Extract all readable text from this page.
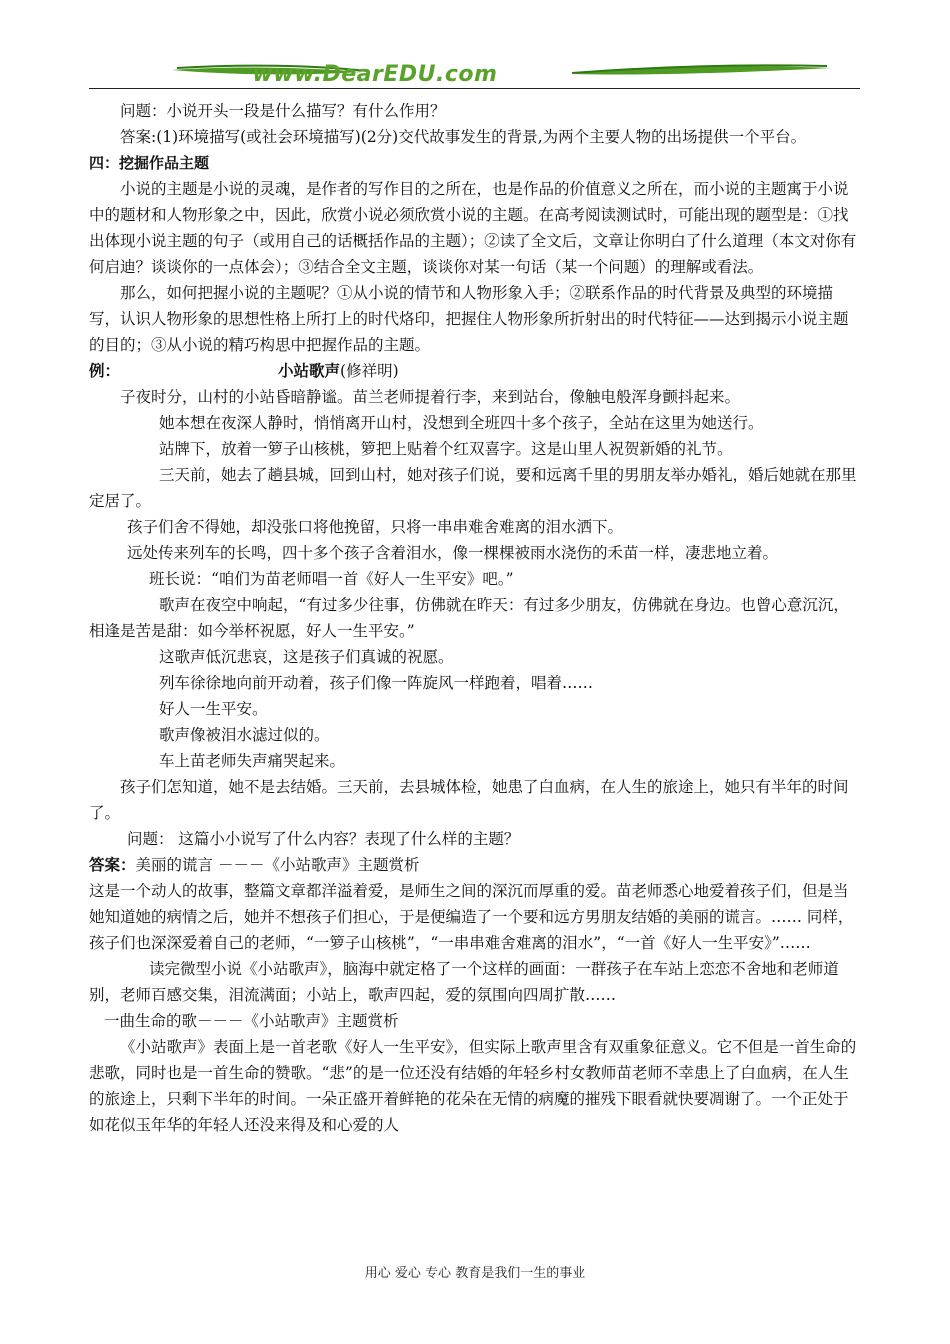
www.DearEDU.com

问题：小说开头一段是什么描写？有什么作用？

答案:(1)环境描写(或社会环境描写)(2分)交代故事发生的背景,为两个主要人物的出场提供一个平台。

四：挖掘作品主题

小说的主题是小说的灵魂，是作者的写作目的之所在，也是作品的价值意义之所在，而小说的主题寓于小说中的题材和人物形象之中，因此，欣赏小说必须欣赏小说的主题。在高考阅读测试时，可能出现的题型是：①找出体现小说主题的句子（或用自己的话概括作品的主题）；②读了全文后，文章让你明白了什么道理（本文对你有何启迪？谈谈你的一点体会）；③结合全文主题，谈谈你对某一句话（某一个问题）的理解或看法。

那么，如何把握小说的主题呢？①从小说的情节和人物形象入手；②联系作品的时代背景及典型的环境描写，认识人物形象的思想性格上所打上的时代烙印，把握住人物形象所折射出的时代特征——达到揭示小说主题的目的；③从小说的精巧构思中把握作品的主题。

例：	小站歌声(修祥明)

子夜时分，山村的小站昏暗静谧。苗兰老师提着行李，来到站台，像触电般浑身颤抖起来。

她本想在夜深人静时，悄悄离开山村，没想到全班四十多个孩子，全站在这里为她送行。

站牌下，放着一箩子山核桃，箩把上贴着个红双喜字。这是山里人祝贺新婚的礼节。

三天前，她去了趟县城，回到山村，她对孩子们说，要和远离千里的男朋友举办婚礼，婚后她就在那里定居了。

孩子们舍不得她，却没张口将他挽留，只将一串串难舍难离的泪水洒下。

远处传来列车的长鸣，四十多个孩子含着泪水，像一棵棵被雨水浇伤的禾苗一样，凄悲地立着。

班长说：“咱们为苗老师唱一首《好人一生平安》吧。”

歌声在夜空中响起，“有过多少往事，仿佛就在昨天：有过多少朋友，仿佛就在身边。也曾心意沉沉，相逢是苦是甜：如今举杯祝愿，好人一生平安。”

这歌声低沉悲哀，这是孩子们真诚的祝愿。

列车徐徐地向前开动着，孩子们像一阵旋风一样跑着，唱着……

好人一生平安。

歌声像被泪水滤过似的。

车上苗老师失声痛哭起来。

孩子们怎知道，她不是去结婚。三天前，去县城体检，她患了白血病，在人生的旅途上，她只有半年的时间了。

问题： 这篇小小说写了什么内容？表现了什么样的主题？

答案：美丽的谎言 －－－《小站歌声》主题赏析

这是一个动人的故事，整篇文章都洋溢着爱，是师生之间的深沉而厚重的爱。苗老师悉心地爱着孩子们，但是当她知道她的病情之后，她并不想孩子们担心，于是便编造了一个要和远方男朋友结婚的美丽的谎言。…… 同样，孩子们也深深爱着自己的老师，“一箩子山核桃”，“一串串难舍难离的泪水”，“一首《好人一生平安》”……

读完微型小说《小站歌声》，脑海中就定格了一个这样的画面：一群孩子在车站上恋恋不舍地和老师道别，老师百感交集，泪流满面；小站上，歌声四起，爱的氛围向四周扩散……

一曲生命的歌－－－《小站歌声》主题赏析

《小站歌声》表面上是一首老歌《好人一生平安》，但实际上歌声里含有双重象征意义。它不但是一首生命的悲歌，同时也是一首生命的赞歌。“悲”的是一位还没有结婚的年轻乡村女教师苗老师不幸患上了白血病，在人生的旅途上，只剩下半年的时间。一朵正盛开着鲜艳的花朵在无情的病魔的摧残下眼看就快要凋谢了。一个正处于如花似玉年华的年轻人还没来得及和心爱的人

用心 爱心 专心 教育是我们一生的事业
